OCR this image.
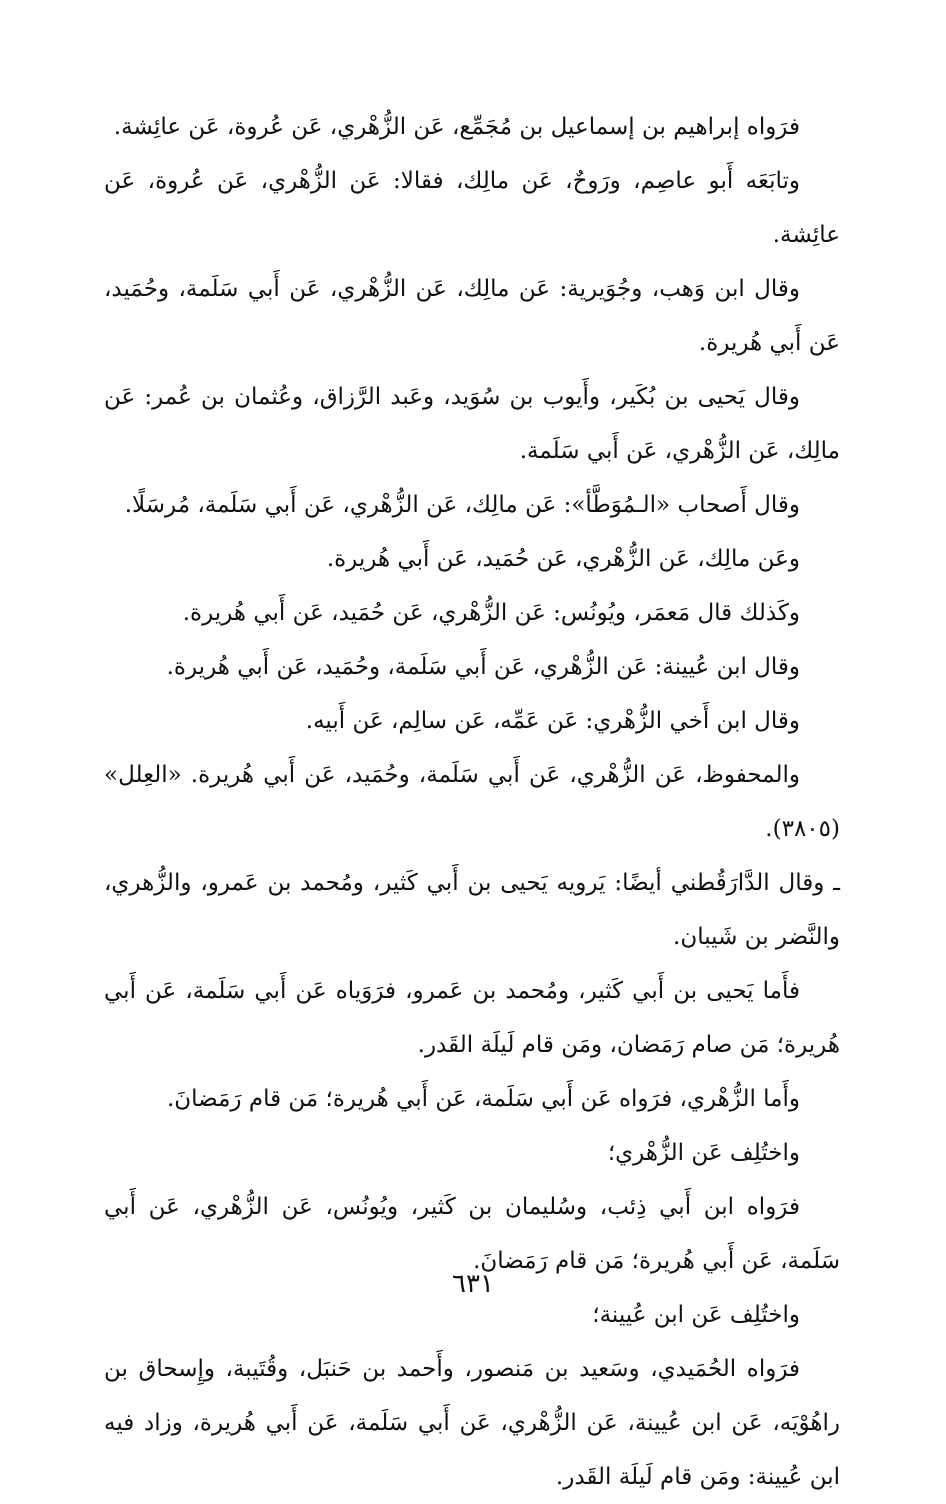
فرَواه إبراهيم بن إسماعيل بن مُجَمِّع، عَن الزُّهْري، عَن عُروة، عَن عائِشة.

وتابَعَه أَبو عاصِم، ورَوحٌ، عَن مالِك، فقالا: عَن الزُّهْري، عَن عُروة، عَن عائِشة.

وقال ابن وَهب، وجُوَيرية: عَن مالِك، عَن الزُّهْري، عَن أَبي سَلَمة، وحُمَيد، عَن أَبي هُريرة.

وقال يَحيى بن بُكَير، وأَيوب بن سُوَيد، وعَبد الرَّزاق، وعُثمان بن عُمر: عَن مالِك، عَن الزُّهْري، عَن أَبي سَلَمة.

وقال أَصحاب «الـمُوَطَّأ»: عَن مالِك، عَن الزُّهْري، عَن أَبي سَلَمة، مُرسَلًا.

وعَن مالِك، عَن الزُّهْري، عَن حُمَيد، عَن أَبي هُريرة.

وكَذلك قال مَعمَر، ويُونُس: عَن الزُّهْري، عَن حُمَيد، عَن أَبي هُريرة.

وقال ابن عُيينة: عَن الزُّهْري، عَن أَبي سَلَمة، وحُمَيد، عَن أَبي هُريرة.

وقال ابن أَخي الزُّهْري: عَن عَمِّه، عَن سالِم، عَن أَبيه.

والمحفوظ، عَن الزُّهْري، عَن أَبي سَلَمة، وحُمَيد، عَن أَبي هُريرة. «العِلل» (٣٨٠٥).

ـ وقال الدَّارَقُطني أيضًا: يَرويه يَحيى بن أَبي كَثير، ومُحمد بن عَمرو، والزُّهري، والنَّضر بن شَيبان.

فأَما يَحيى بن أَبي كَثير، ومُحمد بن عَمرو، فرَوَياه عَن أَبي سَلَمة، عَن أَبي هُريرة؛ مَن صام رَمَضان، ومَن قام لَيلَة القَدر.

وأَما الزُّهْري، فرَواه عَن أَبي سَلَمة، عَن أَبي هُريرة؛ مَن قام رَمَضانَ.

واختُلِف عَن الزُّهْري؛

فرَواه ابن أَبي ذِئب، وسُليمان بن كَثير، ويُونُس، عَن الزُّهْري، عَن أَبي سَلَمة، عَن أَبي هُريرة؛ مَن قام رَمَضانَ.

واختُلِف عَن ابن عُيينة؛

فرَواه الحُمَيدي، وسَعيد بن مَنصور، وأَحمد بن حَنبَل، وقُتَيبة، وإِسحاق بن راهُوْيَه، عَن ابن عُيينة، عَن الزُّهْري، عَن أَبي سَلَمة، عَن أَبي هُريرة، وزاد فيه ابن عُيينة: ومَن قام لَيلَة القَدر.

٦٣١
